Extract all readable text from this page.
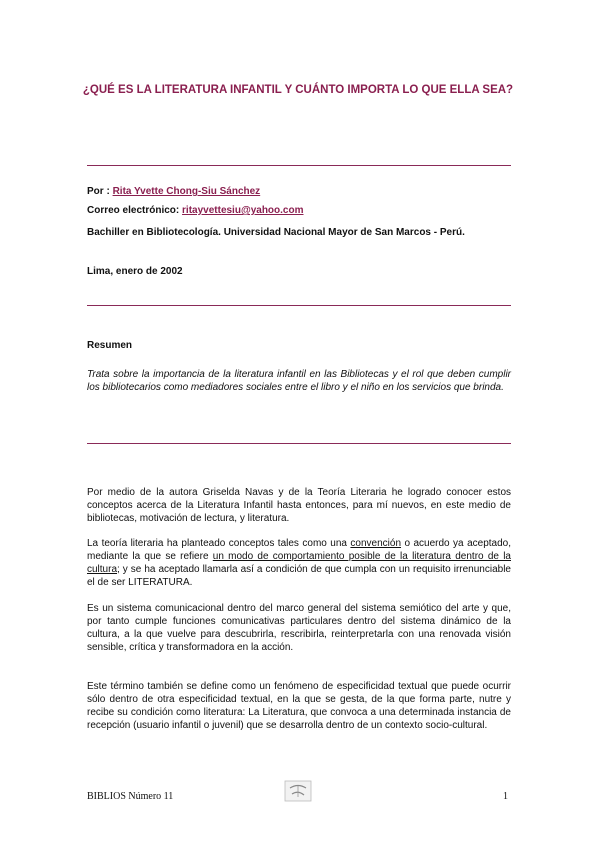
¿QUÉ ES LA LITERATURA INFANTIL Y CUÁNTO IMPORTA LO QUE ELLA SEA?
Por : Rita Yvette Chong-Siu Sánchez
Correo electrónico: ritayvettesiu@yahoo.com
Bachiller en Bibliotecología. Universidad Nacional Mayor de San Marcos - Perú.
Lima, enero de 2002
Resumen
Trata sobre la importancia de la literatura infantil en las Bibliotecas y el rol que deben cumplir los bibliotecarios como mediadores sociales entre el libro y el niño en los servicios que brinda.

Por medio de la autora Griselda Navas y de la Teoría Literaria he logrado conocer estos conceptos acerca de la Literatura Infantil hasta entonces, para mí nuevos, en este medio de bibliotecas, motivación de lectura, y literatura.

La teoría literaria ha planteado conceptos tales como una convención o acuerdo ya aceptado, mediante la que se refiere un modo de comportamiento posible de la literatura dentro de la cultura; y se ha aceptado llamarla así a condición de que cumpla con un requisito irrenunciable el de ser LITERATURA.

Es un sistema comunicacional dentro del marco general del sistema semiótico del arte y que, por tanto cumple funciones comunicativas particulares dentro del sistema dinámico de la cultura, a la que vuelve para descubrirla, rescribirla, reinterpretarla con una renovada visión sensible, crítica y transformadora en la acción.

Este término también se define como un fenómeno de especificidad textual que puede ocurrir sólo dentro de otra especificidad textual, en la que se gesta, de la que forma parte, nutre y recibe su condición como literatura: La Literatura, que convoca a una determinada instancia de recepción (usuario infantil o juvenil) que se desarrolla dentro de un contexto socio-cultural.

BIBLIOS Número 11	1
